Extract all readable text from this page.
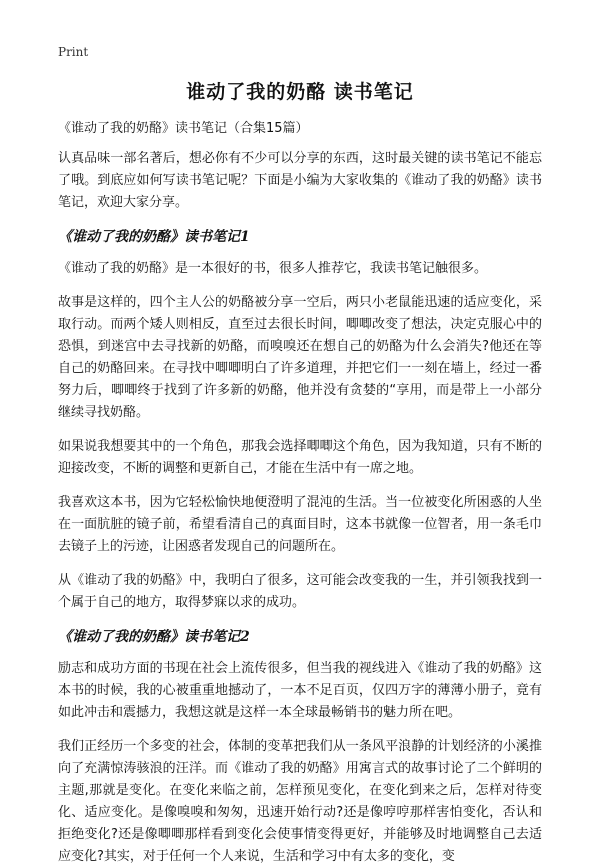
Print
谁动了我的奶酪 读书笔记
《谁动了我的奶酪》读书笔记（合集15篇）

认真品味一部名著后，想必你有不少可以分享的东西，这时最关键的读书笔记不能忘了哦。到底应如何写读书笔记呢？下面是小编为大家收集的《谁动了我的奶酪》读书笔记，欢迎大家分享。

《谁动了我的奶酪》读书笔记1

《谁动了我的奶酪》是一本很好的书，很多人推荐它，我读书笔记触很多。

故事是这样的，四个主人公的奶酪被分享一空后，两只小老鼠能迅速的适应变化，采取行动。而两个矮人则相反，直至过去很长时间，唧唧改变了想法，决定克服心中的恐惧，到迷宫中去寻找新的奶酪，而嗅嗅还在想自己的奶酪为什么会消失?他还在等自己的奶酪回来。在寻找中唧唧明白了许多道理，并把它们一一刻在墙上，经过一番努力后，唧唧终于找到了许多新的奶酪，他并没有贪婪的“享用，而是带上一小部分继续寻找奶酪。

如果说我想要其中的一个角色，那我会选择唧唧这个角色，因为我知道，只有不断的迎接改变，不断的调整和更新自己，才能在生活中有一席之地。

我喜欢这本书，因为它轻松愉快地便澄明了混沌的生活。当一位被变化所困惑的人坐在一面肮脏的镜子前，希望看清自己的真面目时，这本书就像一位智者，用一条毛巾去镜子上的污迹，让困惑者发现自己的问题所在。

从《谁动了我的奶酪》中，我明白了很多，这可能会改变我的一生，并引领我找到一个属于自己的地方，取得梦寐以求的成功。

《谁动了我的奶酪》读书笔记2

励志和成功方面的书现在社会上流传很多，但当我的视线进入《谁动了我的奶酪》这本书的时候，我的心被重重地撼动了，一本不足百页，仅四万字的薄薄小册子，竟有如此冲击和震撼力，我想这就是这样一本全球最畅销书的魅力所在吧。

我们正经历一个多变的社会，体制的变革把我们从一条风平浪静的计划经济的小溪推向了充满惊涛骇浪的汪洋。而《谁动了我的奶酪》用寓言式的故事讨论了二个鲜明的主题,那就是变化。在变化来临之前，怎样预见变化，在变化到来之后，怎样对待变化、适应变化。是像嗅嗅和匆匆，迅速开始行动?还是像哼哼那样害怕变化，否认和拒绝变化?还是像唧唧那样看到变化会使事情变得更好，并能够及时地调整自己去适应变化?其实，对于任何一个人来说，生活和学习中有太多的变化，变
